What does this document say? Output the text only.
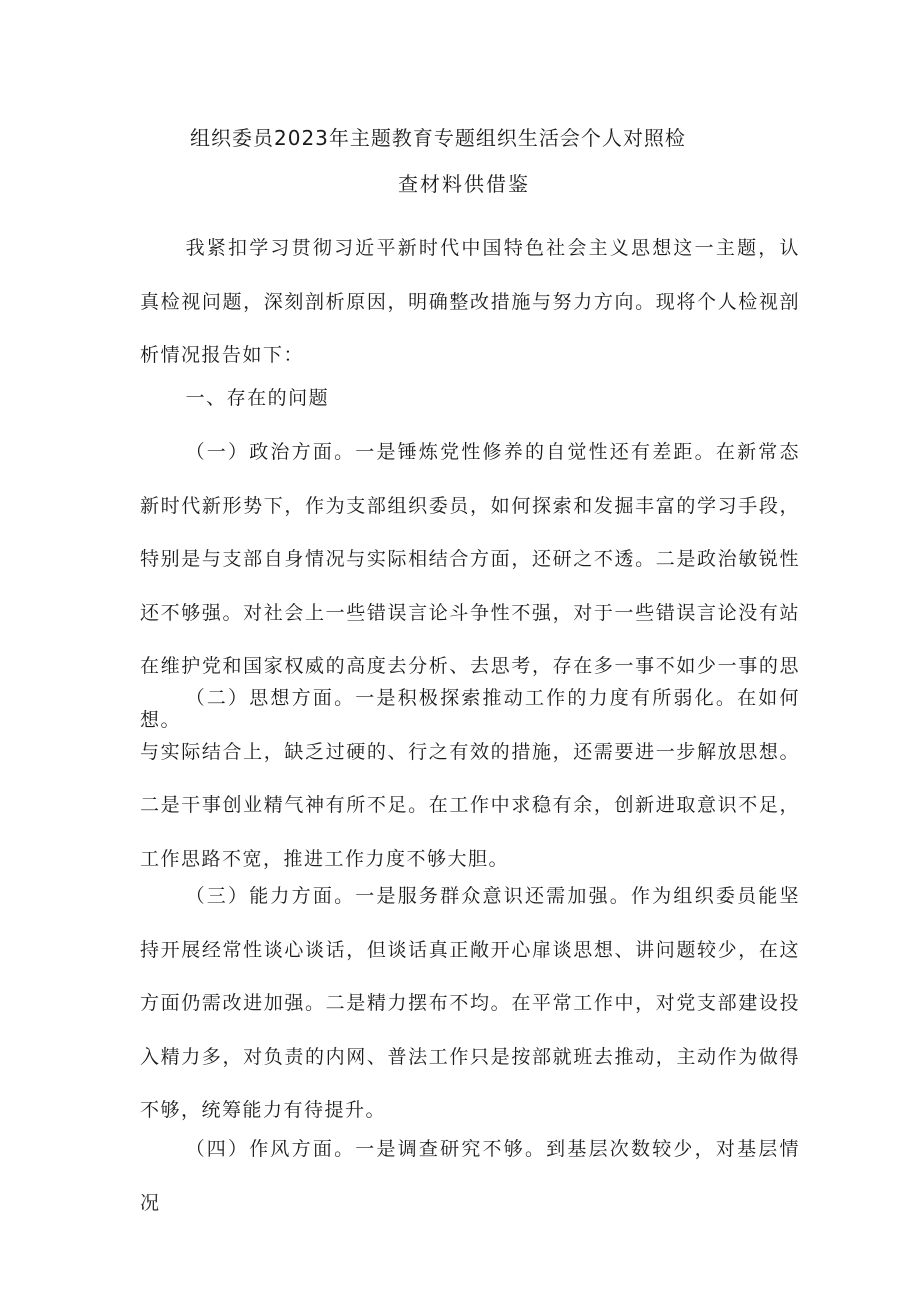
组织委员2023年主题教育专题组织生活会个人对照检
查材料供借鉴

我紧扣学习贯彻习近平新时代中国特色社会主义思想这一主题，认真检视问题，深刻剖析原因，明确整改措施与努力方向。现将个人检视剖析情况报告如下：

一、存在的问题

（一）政治方面。一是锤炼党性修养的自觉性还有差距。在新常态新时代新形势下，作为支部组织委员，如何探索和发掘丰富的学习手段，特别是与支部自身情况与实际相结合方面，还研之不透。二是政治敏锐性还不够强。对社会上一些错误言论斗争性不强，对于一些错误言论没有站在维护党和国家权威的高度去分析、去思考，存在多一事不如少一事的思想。

（二）思想方面。一是积极探索推动工作的力度有所弱化。在如何与实际结合上，缺乏过硬的、行之有效的措施，还需要进一步解放思想。二是干事创业精气神有所不足。在工作中求稳有余，创新进取意识不足，工作思路不宽，推进工作力度不够大胆。

（三）能力方面。一是服务群众意识还需加强。作为组织委员能坚持开展经常性谈心谈话，但谈话真正敞开心扉谈思想、讲问题较少，在这方面仍需改进加强。二是精力摆布不均。在平常工作中，对党支部建设投入精力多，对负责的内网、普法工作只是按部就班去推动，主动作为做得不够，统筹能力有待提升。

（四）作风方面。一是调查研究不够。到基层次数较少，对基层情况
